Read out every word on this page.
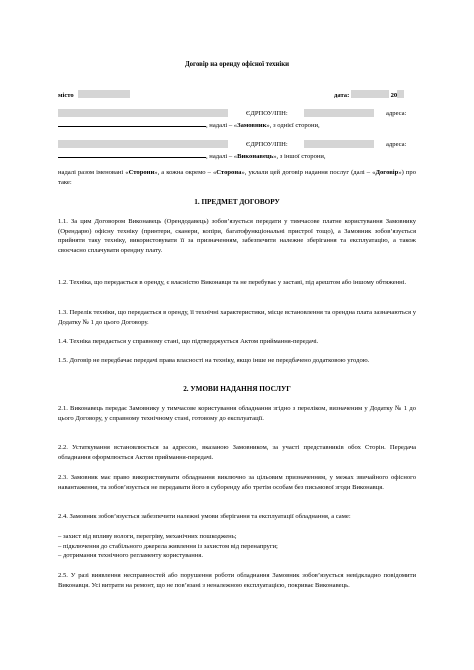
Договір на оренду офісної техніки
місто	дата:	20
ЄДРПОУ/ІПН:	адреса:
, надалі – «Замовник», з однієї сторони,
ЄДРПОУ/ІПН:	адреса:
, надалі – «Виконавець», з іншої сторони,

надалі разом іменовані «Сторони», а кожна окремо – «Сторона», уклали цей договір надання послуг (далі – «Договір») про таке:

1. ПРЕДМЕТ ДОГОВОРУ

1.1. За цим Договором Виконавець (Орендодавець) зобов’язується передати у тимчасове платне користування Замовнику (Орендарю) офісну техніку (принтери, сканери, копіри, багатофункціональні пристрої тощо), а Замовник зобов’язується прийняти таку техніку, використовувати її за призначенням, забезпечити належне зберігання та експлуатацію, а також своєчасно сплачувати орендну плату.

1.2. Техніка, що передається в оренду, є власністю Виконавця та не перебуває у заставі, під арештом або іншому обтяженні.

1.3. Перелік техніки, що передається в оренду, її технічні характеристики, місце встановлення та орендна плата зазначаються у Додатку № 1 до цього Договору.

1.4. Техніка передається у справному стані, що підтверджується Актом приймання-передачі.

1.5. Договір не передбачає передачі права власності на техніку, якщо інше не передбачено додатковою угодою.

2. УМОВИ НАДАННЯ ПОСЛУГ

2.1. Виконавець передає Замовнику у тимчасове користування обладнання згідно з переліком, визначеним у Додатку № 1 до цього Договору, у справному технічному стані, готовому до експлуатації.

2.2. Устаткування встановлюється за адресою, вказаною Замовником, за участі представників обох Сторін. Передача обладнання оформлюється Актом приймання-передачі.

2.3. Замовник має право використовувати обладнання виключно за цільовим призначенням, у межах звичайного офісного навантаження, та зобов’язується не передавати його в суборенду або третім особам без письмової згоди Виконавця.

2.4. Замовник зобов’язується забезпечити належні умови зберігання та експлуатації обладнання, а саме:

– захист від впливу вологи, перегріву, механічних пошкоджень;
– підключення до стабільного джерела живлення із захистом від перенапруги;
– дотримання технічного регламенту користування.

2.5. У разі виявлення несправностей або порушення роботи обладнання Замовник зобов’язується невідкладно повідомити Виконавця. Усі витрати на ремонт, що не пов’язані з неналежною експлуатацією, покриває Виконавець.
